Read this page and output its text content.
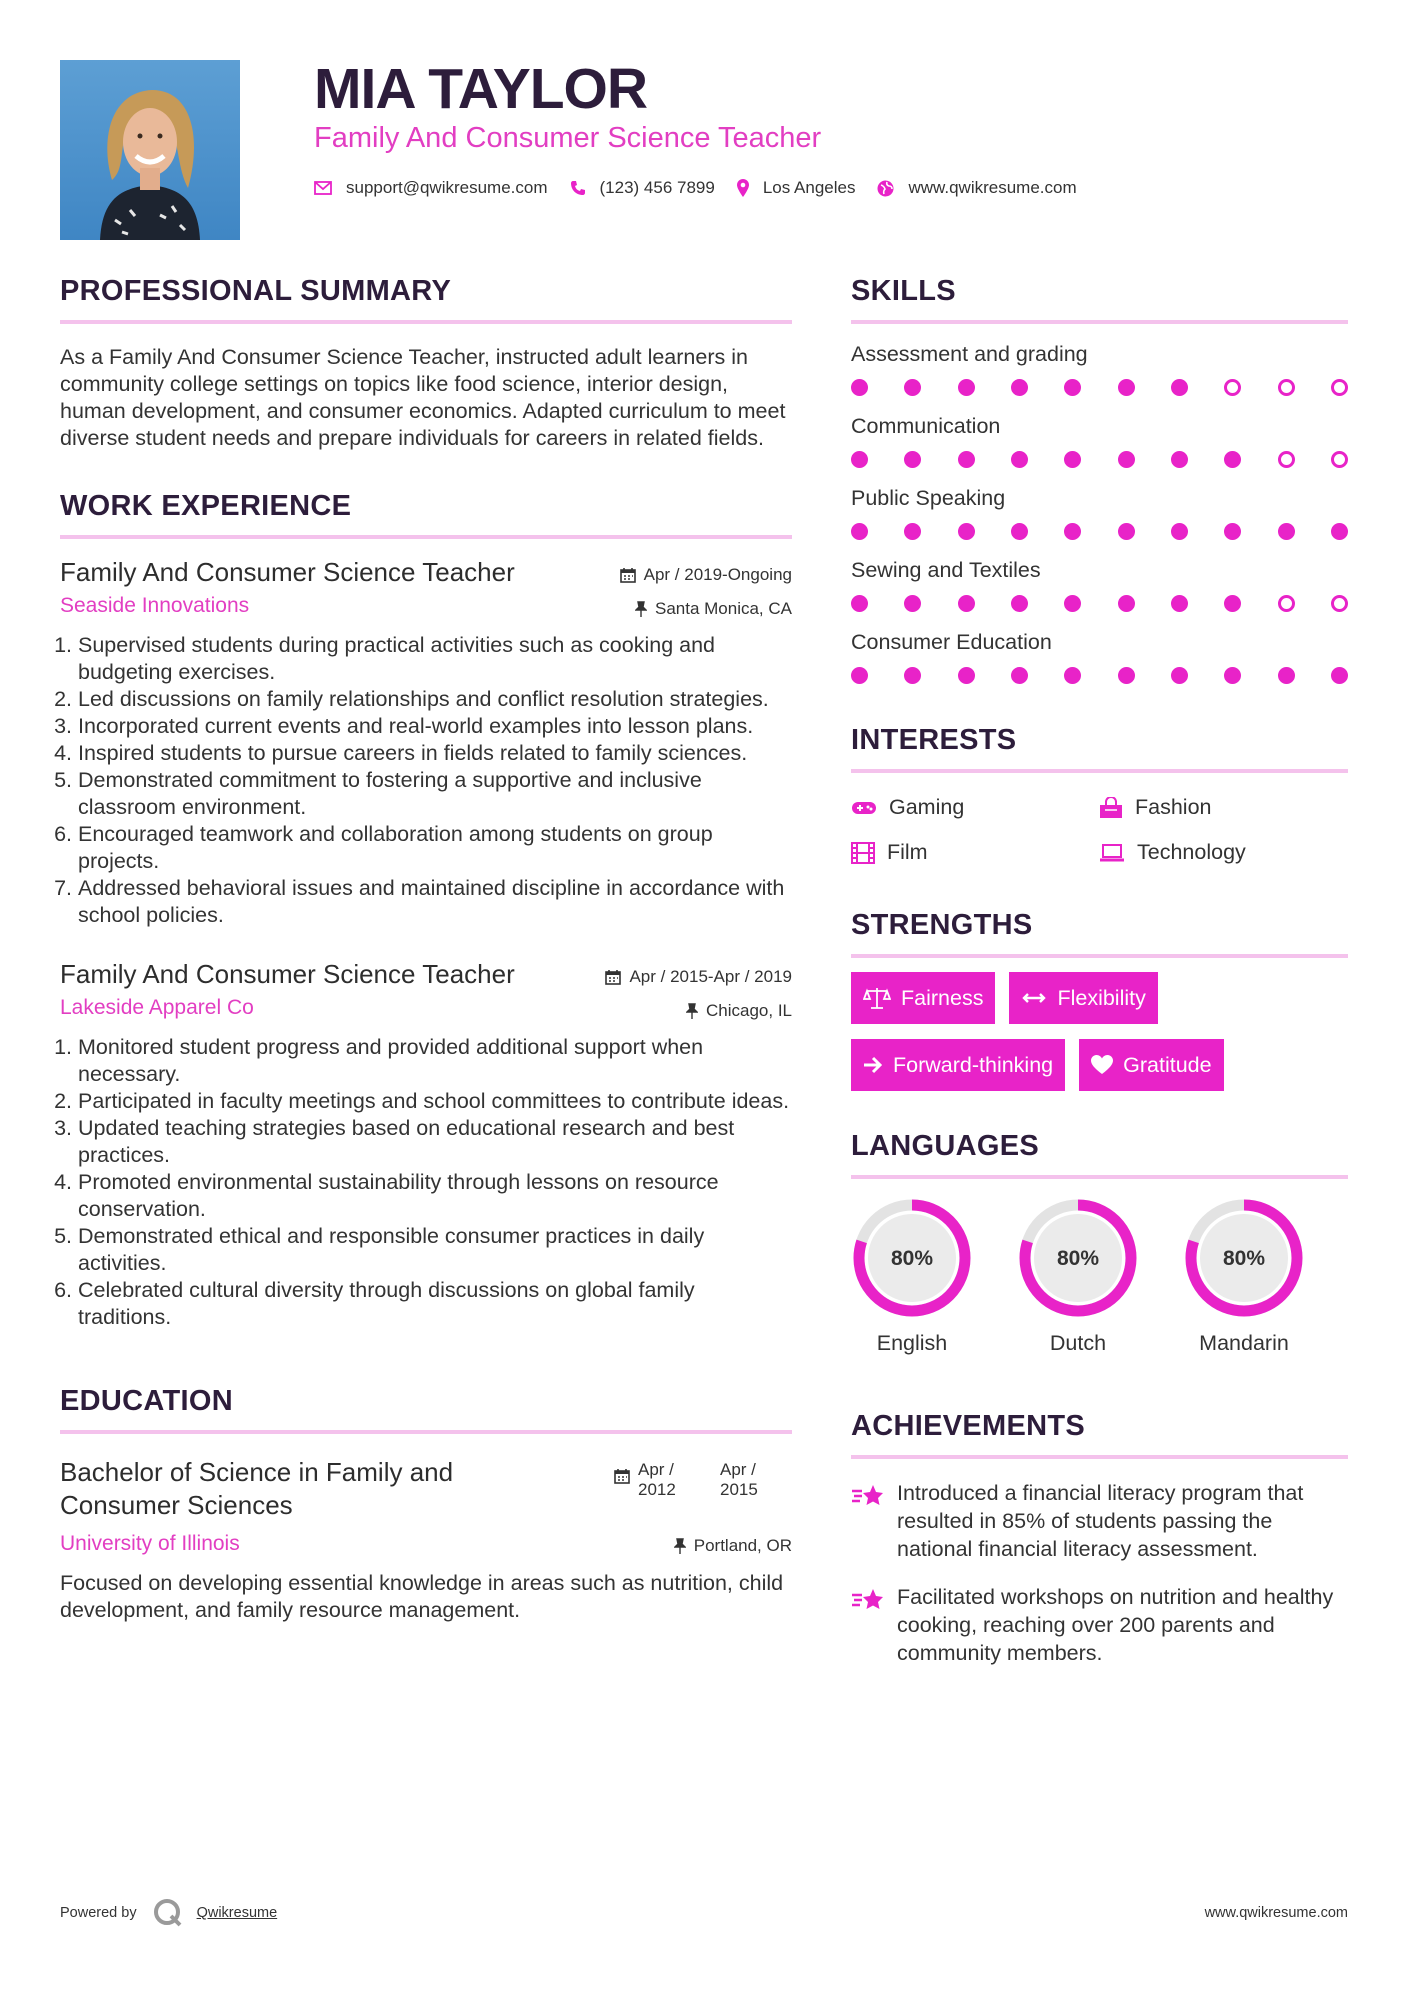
MIA TAYLOR
Family And Consumer Science Teacher
support@qwikresume.com	(123) 456 7899	Los Angeles	www.qwikresume.com
PROFESSIONAL SUMMARY

As a Family And Consumer Science Teacher, instructed adult learners in community college settings on topics like food science, interior design, human development, and consumer economics. Adapted curriculum to meet diverse student needs and prepare individuals for careers in related fields.

WORK EXPERIENCE
Apr / 2019-Ongoing
Santa Monica, CA
Family And Consumer Science Teacher
Seaside Innovations
1. Supervised students during practical activities such as cooking and budgeting exercises.
2. Led discussions on family relationships and conflict resolution strategies.
3. Incorporated current events and real-world examples into lesson plans.
4. Inspired students to pursue careers in fields related to family sciences.
5. Demonstrated commitment to fostering a supportive and inclusive classroom environment.
6. Encouraged teamwork and collaboration among students on group projects.
7. Addressed behavioral issues and maintained discipline in accordance with school policies.
Apr / 2015-Apr / 2019
Chicago, IL
Family And Consumer Science Teacher
Lakeside Apparel Co
1. Monitored student progress and provided additional support when necessary.
2. Participated in faculty meetings and school committees to contribute ideas.
3. Updated teaching strategies based on educational research and best practices.
4. Promoted environmental sustainability through lessons on resource conservation.
5. Demonstrated ethical and responsible consumer practices in daily activities.
6. Celebrated cultural diversity through discussions on global family traditions.
EDUCATION
Apr / 2012
Apr / 2015
Portland, OR
Bachelor of Science in Family and Consumer Sciences
University of Illinois

Focused on developing essential knowledge in areas such as nutrition, child development, and family resource management.

SKILLS
Assessment and grading
Communication
Public Speaking
Sewing and Textiles
Consumer Education
INTERESTS
Gaming	Fashion
Film	Technology
STRENGTHS
Fairness	Flexibility
Forward-thinking	Gratitude
LANGUAGES
80%
English
80%
Dutch
80%
Mandarin
ACHIEVEMENTS

Introduced a financial literacy program that resulted in 85% of students passing the national financial literacy assessment.

Facilitated workshops on nutrition and healthy cooking, reaching over 200 parents and community members.

Powered by	Qwikresume	www.qwikresume.com
